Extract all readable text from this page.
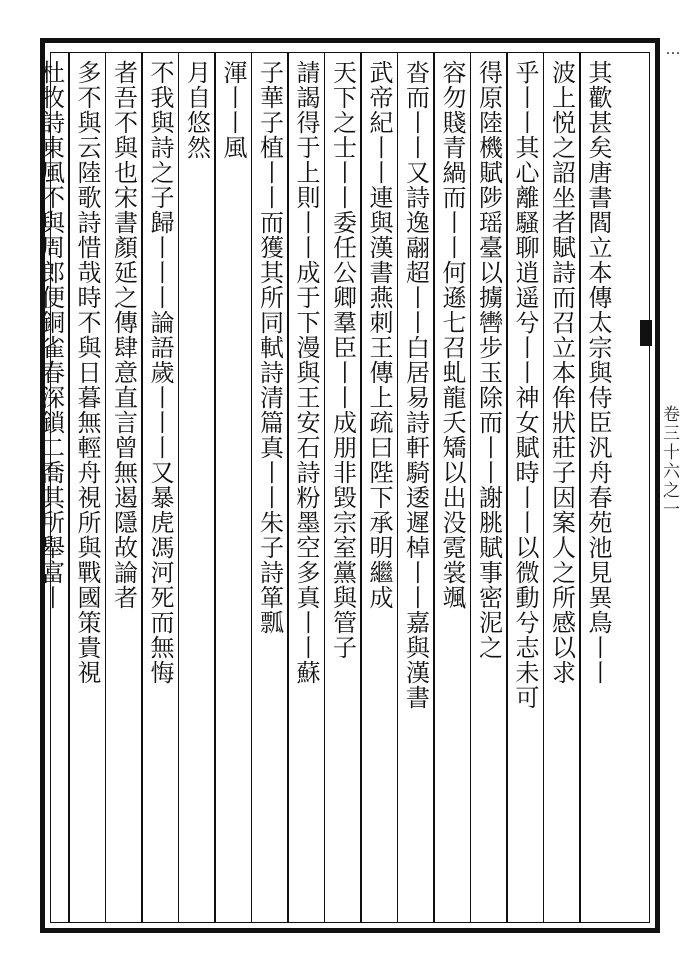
…
卷三十六之一
其歡甚矣唐書閻立本傳太宗與侍臣汎舟春苑池見異鳥丨丨
波上悦之詔坐者賦詩而召立本侔狀莊子因案人之所感以求
乎丨丨其心離騷聊逍遥兮丨丨神女賦時丨丨以微動兮志未可
得原陸機賦陟瑶臺以擄轡步玉除而丨丨謝脁賦事密泥之
容勿賤青緺而丨丨何遜七召虬龍夭矯以出没霓裳颯
沓而丨丨又詩逸翮超丨丨白居易詩軒騎逶遲棹丨丨嘉與漢書
武帝紀丨丨連與漢書燕刺王傳上疏曰陛下承明繼成
天下之士丨丨委任公卿羣臣丨丨成朋非毀宗室黨與管子
請謁得于上則丨丨成于下漫與王安石詩粉墨空多真丨丨蘇
子華子植丨丨而獲其所同軾詩清篇真丨丨朱子詩箪瓢
渾丨丨風
月自悠然
不我與詩之子歸丨丨丨論語歲丨丨丨又暴虎馮河死而無悔
者吾不與也宋書顏延之傳肆意直言曾無遏隱故論者
多不與云陸歌詩惜哉時不與日暮無輕舟視所與戰國策貴視
杜牧詩東風不與周郎便銅雀春深鎖二喬其所舉富丨
